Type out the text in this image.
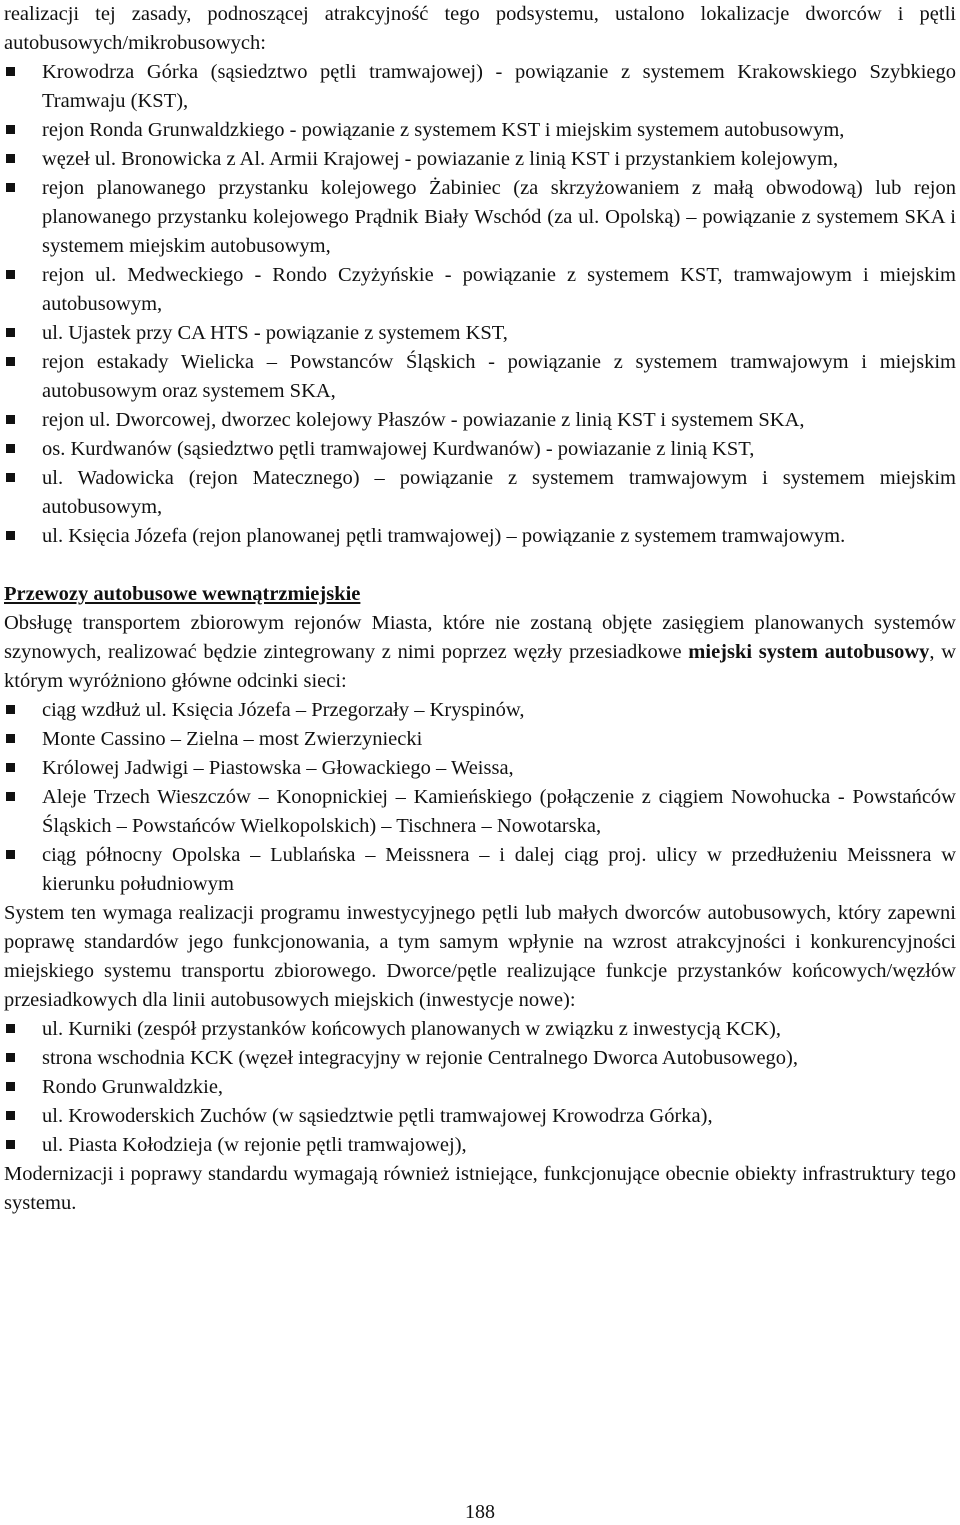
realizacji tej zasady, podnoszącej atrakcyjność tego podsystemu, ustalono lokalizacje dworców i pętli autobusowych/mikrobusowych:

Krowodrza Górka (sąsiedztwo pętli tramwajowej) - powiązanie z systemem Krakowskiego Szybkiego Tramwaju (KST),
rejon Ronda Grunwaldzkiego - powiązanie z systemem KST i miejskim systemem autobusowym,
węzeł ul. Bronowicka z Al. Armii Krajowej - powiazanie z linią KST i przystankiem kolejowym,
rejon planowanego przystanku kolejowego Żabiniec (za skrzyżowaniem z małą obwodową) lub rejon planowanego przystanku kolejowego Prądnik Biały Wschód (za ul. Opolską) – powiązanie z systemem SKA i systemem miejskim autobusowym,
rejon ul. Medweckiego - Rondo Czyżyńskie - powiązanie z systemem KST, tramwajowym i miejskim autobusowym,
ul. Ujastek przy CA HTS - powiązanie z systemem KST,
rejon estakady Wielicka – Powstanców Śląskich - powiązanie z systemem tramwajowym i miejskim autobusowym oraz systemem SKA,
rejon ul. Dworcowej, dworzec kolejowy Płaszów - powiazanie z linią KST i systemem SKA,
os. Kurdwanów (sąsiedztwo pętli tramwajowej Kurdwanów) - powiazanie z linią KST,
ul. Wadowicka (rejon Matecznego) – powiązanie z systemem tramwajowym i systemem miejskim autobusowym,
ul. Księcia Józefa (rejon planowanej pętli tramwajowej) – powiązanie z systemem tramwajowym.

Przewozy autobusowe wewnątrzmiejskie

Obsługę transportem zbiorowym rejonów Miasta, które nie zostaną objęte zasięgiem planowanych systemów szynowych, realizować będzie zintegrowany z nimi poprzez węzły przesiadkowe miejski system autobusowy, w którym wyróżniono główne odcinki sieci:

ciąg wzdłuż ul. Księcia Józefa – Przegorzały – Kryspinów,
Monte Cassino – Zielna – most Zwierzyniecki
Królowej Jadwigi – Piastowska – Głowackiego – Weissa,
Aleje Trzech Wieszczów – Konopnickiej – Kamieńskiego (połączenie z ciągiem Nowohucka - Powstańców Śląskich – Powstańców Wielkopolskich) – Tischnera – Nowotarska,
ciąg północny Opolska – Lublańska – Meissnera – i dalej ciąg proj. ulicy w przedłużeniu Meissnera w kierunku południowym

System ten wymaga realizacji programu inwestycyjnego pętli lub małych dworców autobusowych, który zapewni poprawę standardów jego funkcjonowania, a tym samym wpłynie na wzrost atrakcyjności i konkurencyjności miejskiego systemu transportu zbiorowego. Dworce/pętle realizujące funkcje przystanków końcowych/węzłów przesiadkowych dla linii autobusowych miejskich (inwestycje nowe):

ul. Kurniki (zespół przystanków końcowych planowanych w związku z inwestycją KCK),
strona wschodnia KCK (węzeł integracyjny w rejonie Centralnego Dworca Autobusowego),
Rondo Grunwaldzkie,
ul. Krowoderskich Zuchów (w sąsiedztwie pętli tramwajowej Krowodrza Górka),
ul. Piasta Kołodzieja (w rejonie pętli tramwajowej),

Modernizacji i poprawy standardu wymagają również istniejące, funkcjonujące obecnie obiekty infrastruktury tego systemu.

188
